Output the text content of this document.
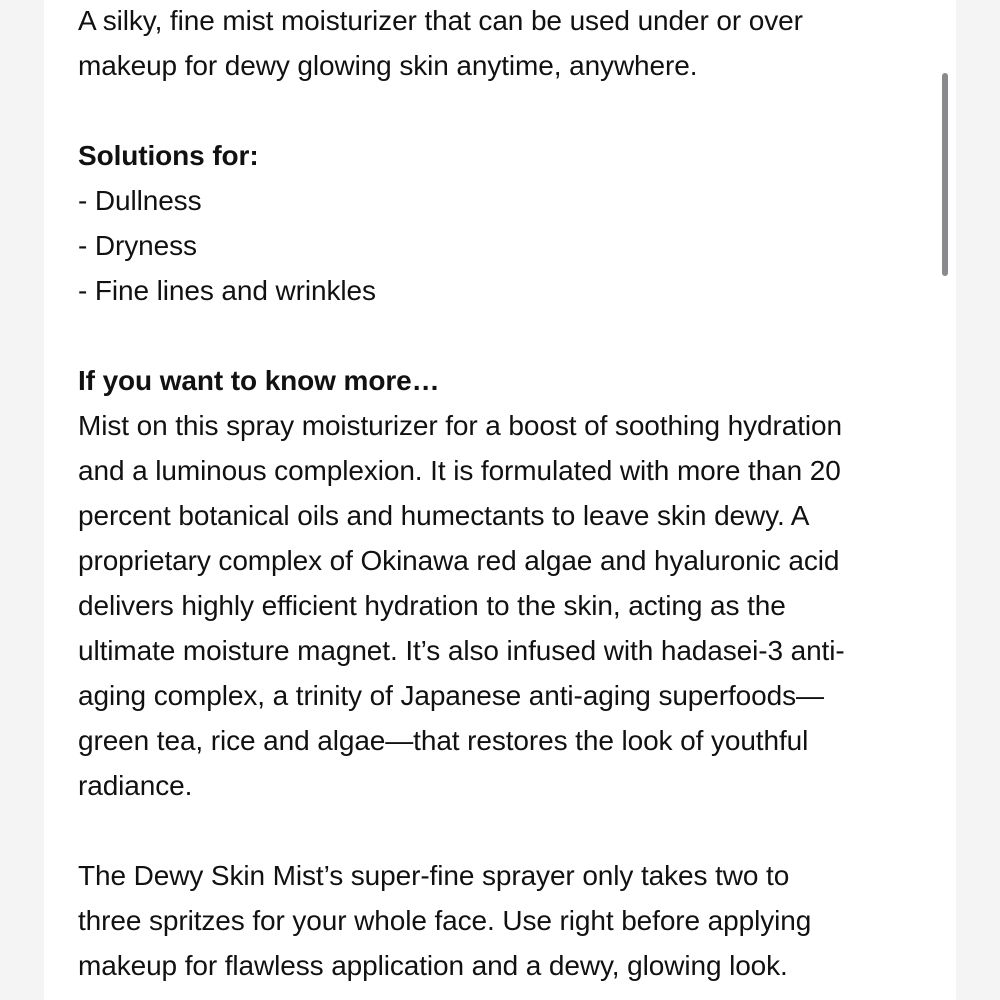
A silky, fine mist moisturizer that can be used under or over
makeup for dewy glowing skin anytime, anywhere.

Solutions for:

- Dullness
- Dryness
- Fine lines and wrinkles

If you want to know more…

Mist on this spray moisturizer for a boost of soothing hydration
and a luminous complexion. It is formulated with more than 20
percent botanical oils and humectants to leave skin dewy. A
proprietary complex of Okinawa red algae and hyaluronic acid
delivers highly efficient hydration to the skin, acting as the
ultimate moisture magnet. It’s also infused with hadasei-3 anti-
aging complex, a trinity of Japanese anti-aging superfoods—
green tea, rice and algae—that restores the look of youthful
radiance.

The Dewy Skin Mist’s super-fine sprayer only takes two to
three spritzes for your whole face. Use right before applying
makeup for flawless application and a dewy, glowing look.
